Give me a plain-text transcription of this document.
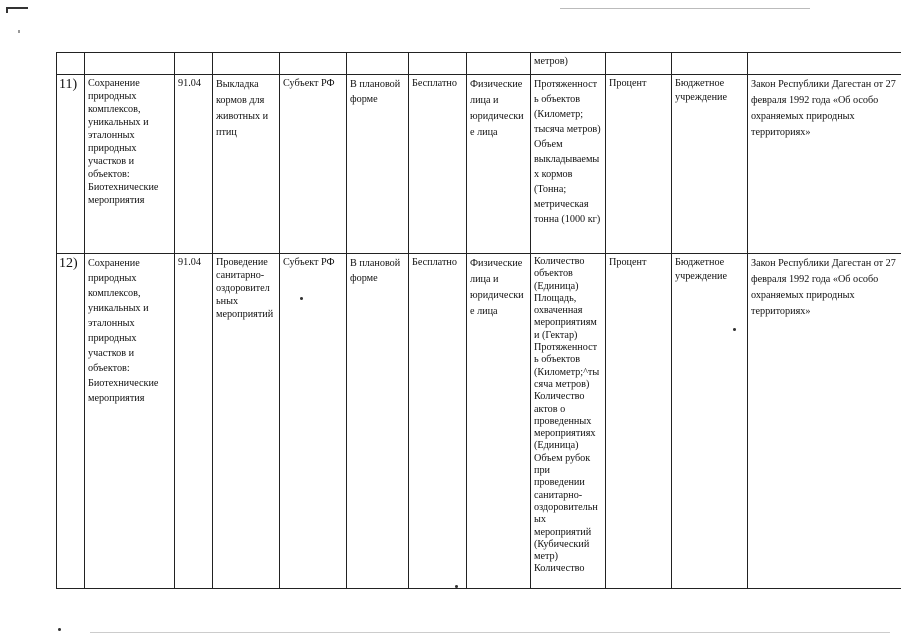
								метров)			
11)	Сохранение природных комплексов, уникальных и эталонных природных участков и объектов: Биотехнические мероприятия	91.04	Выкладка кормов для животных и птиц	Субъект РФ	В плановой форме	Бесплатно	Физические лица и юридически е лица	Протяженност ь объектов (Километр; тысяча метров) Объем выкладываемы х кормов (Тонна; метрическая тонна (1000 кг)	Процент	Бюджетное учреждение	Закон Республики Дагестан от 27 февраля 1992 года «Об особо охраняемых природных территориях»
12)	Сохранение природных комплексов, уникальных и эталонных природных участков и объектов: Биотехнические мероприятия	91.04	Проведение санитарно-оздоровител ьных мероприятий	Субъект РФ	В плановой форме	Бесплатно	Физические лица и юридически е лица	Количество объектов (Единица) Площадь, охваченная мероприятиям и (Гектар) Протяженност ь объектов (Километр;^ты сяча метров) Количество актов о проведенных мероприятиях (Единица) Объем рубок при проведении санитарно-оздоровительн ых мероприятий (Кубический метр) Количество	Процент	Бюджетное учреждение	Закон Республики Дагестан от 27 февраля 1992 года «Об особо охраняемых природных территориях»
